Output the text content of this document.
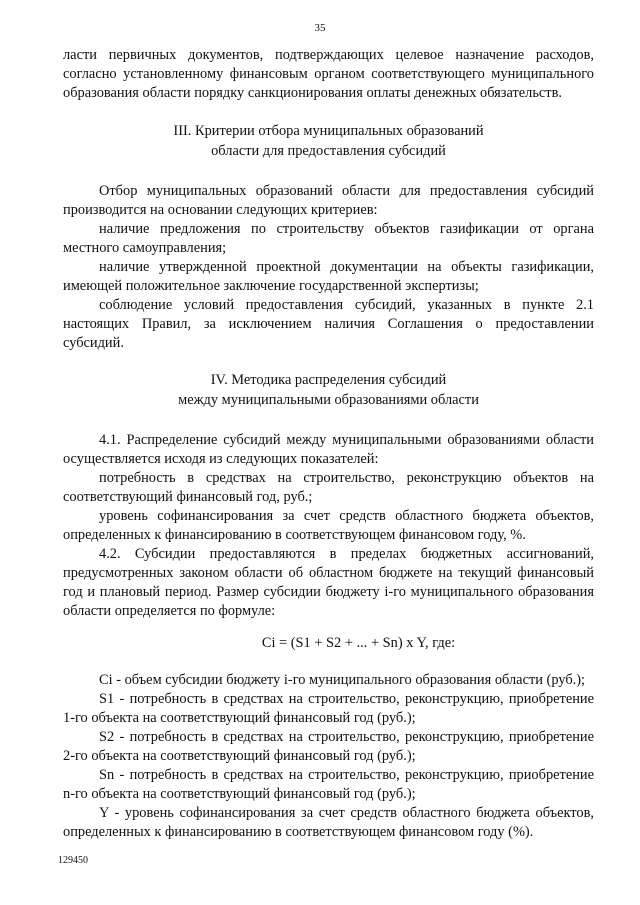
35

ласти первичных документов, подтверждающих целевое назначение расходов, согласно установленному финансовым органом соответствующего муниципального образования области порядку санкционирования оплаты денежных обязательств.

III. Критерии отбора муниципальных образований
области для предоставления субсидий

Отбор муниципальных образований области для предоставления субсидий производится на основании следующих критериев:

наличие предложения по строительству объектов газификации от органа местного самоуправления;

наличие утвержденной проектной документации на объекты газификации, имеющей положительное заключение государственной экспертизы;

соблюдение условий предоставления субсидий, указанных в пункте 2.1 настоящих Правил, за исключением наличия Соглашения о предоставлении субсидий.

IV. Методика распределения субсидий
между муниципальными образованиями области

4.1. Распределение субсидий между муниципальными образованиями области осуществляется исходя из следующих показателей:

потребность в средствах на строительство, реконструкцию объектов на соответствующий финансовый год, руб.;

уровень софинансирования за счет средств областного бюджета объектов, определенных к финансированию в соответствующем финансовом году, %.

4.2. Субсидии предоставляются в пределах бюджетных ассигнований, предусмотренных законом области об областном бюджете на текущий финансовый год и плановый период. Размер субсидии бюджету i-го муниципального образования области определяется по формуле:

Ci = (S1 + S2 + ... + Sn) x Y, где:

Ci - объем субсидии бюджету i-го муниципального образования области (руб.);

S1 - потребность в средствах на строительство, реконструкцию, приобретение 1-го объекта на соответствующий финансовый год (руб.);

S2 - потребность в средствах на строительство, реконструкцию, приобретение 2-го объекта на соответствующий финансовый год (руб.);

Sn - потребность в средствах на строительство, реконструкцию, приобретение n-го объекта на соответствующий финансовый год (руб.);

Y - уровень софинансирования за счет средств областного бюджета объектов, определенных к финансированию в соответствующем финансовом году (%).

129450
